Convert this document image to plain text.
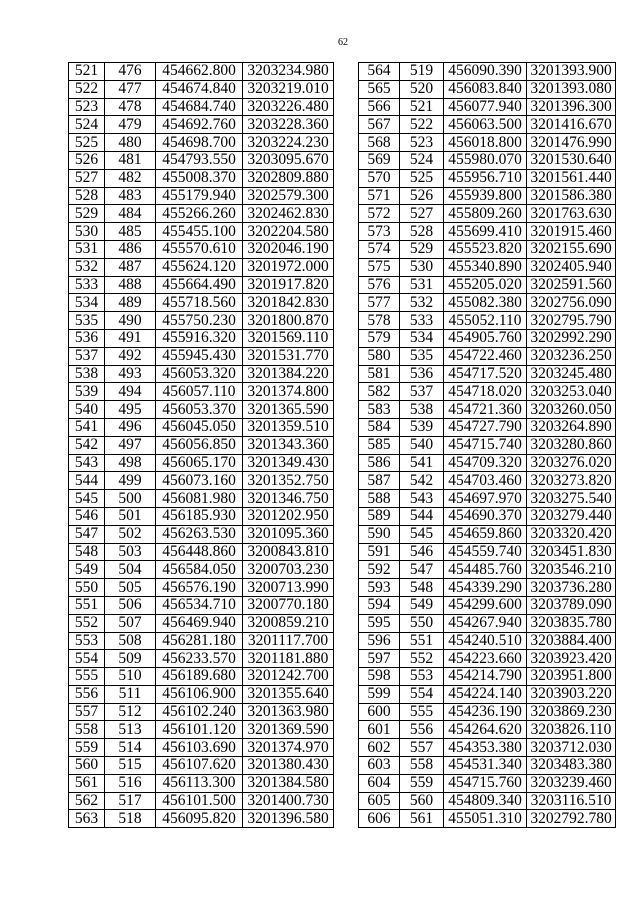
62
521	476	454662.800	3203234.980
522	477	454674.840	3203219.010
523	478	454684.740	3203226.480
524	479	454692.760	3203228.360
525	480	454698.700	3203224.230
526	481	454793.550	3203095.670
527	482	455008.370	3202809.880
528	483	455179.940	3202579.300
529	484	455266.260	3202462.830
530	485	455455.100	3202204.580
531	486	455570.610	3202046.190
532	487	455624.120	3201972.000
533	488	455664.490	3201917.820
534	489	455718.560	3201842.830
535	490	455750.230	3201800.870
536	491	455916.320	3201569.110
537	492	455945.430	3201531.770
538	493	456053.320	3201384.220
539	494	456057.110	3201374.800
540	495	456053.370	3201365.590
541	496	456045.050	3201359.510
542	497	456056.850	3201343.360
543	498	456065.170	3201349.430
544	499	456073.160	3201352.750
545	500	456081.980	3201346.750
546	501	456185.930	3201202.950
547	502	456263.530	3201095.360
548	503	456448.860	3200843.810
549	504	456584.050	3200703.230
550	505	456576.190	3200713.990
551	506	456534.710	3200770.180
552	507	456469.940	3200859.210
553	508	456281.180	3201117.700
554	509	456233.570	3201181.880
555	510	456189.680	3201242.700
556	511	456106.900	3201355.640
557	512	456102.240	3201363.980
558	513	456101.120	3201369.590
559	514	456103.690	3201374.970
560	515	456107.620	3201380.430
561	516	456113.300	3201384.580
562	517	456101.500	3201400.730
563	518	456095.820	3201396.580
564	519	456090.390	3201393.900
565	520	456083.840	3201393.080
566	521	456077.940	3201396.300
567	522	456063.500	3201416.670
568	523	456018.800	3201476.990
569	524	455980.070	3201530.640
570	525	455956.710	3201561.440
571	526	455939.800	3201586.380
572	527	455809.260	3201763.630
573	528	455699.410	3201915.460
574	529	455523.820	3202155.690
575	530	455340.890	3202405.940
576	531	455205.020	3202591.560
577	532	455082.380	3202756.090
578	533	455052.110	3202795.790
579	534	454905.760	3202992.290
580	535	454722.460	3203236.250
581	536	454717.520	3203245.480
582	537	454718.020	3203253.040
583	538	454721.360	3203260.050
584	539	454727.790	3203264.890
585	540	454715.740	3203280.860
586	541	454709.320	3203276.020
587	542	454703.460	3203273.820
588	543	454697.970	3203275.540
589	544	454690.370	3203279.440
590	545	454659.860	3203320.420
591	546	454559.740	3203451.830
592	547	454485.760	3203546.210
593	548	454339.290	3203736.280
594	549	454299.600	3203789.090
595	550	454267.940	3203835.780
596	551	454240.510	3203884.400
597	552	454223.660	3203923.420
598	553	454214.790	3203951.800
599	554	454224.140	3203903.220
600	555	454236.190	3203869.230
601	556	454264.620	3203826.110
602	557	454353.380	3203712.030
603	558	454531.340	3203483.380
604	559	454715.760	3203239.460
605	560	454809.340	3203116.510
606	561	455051.310	3202792.780
